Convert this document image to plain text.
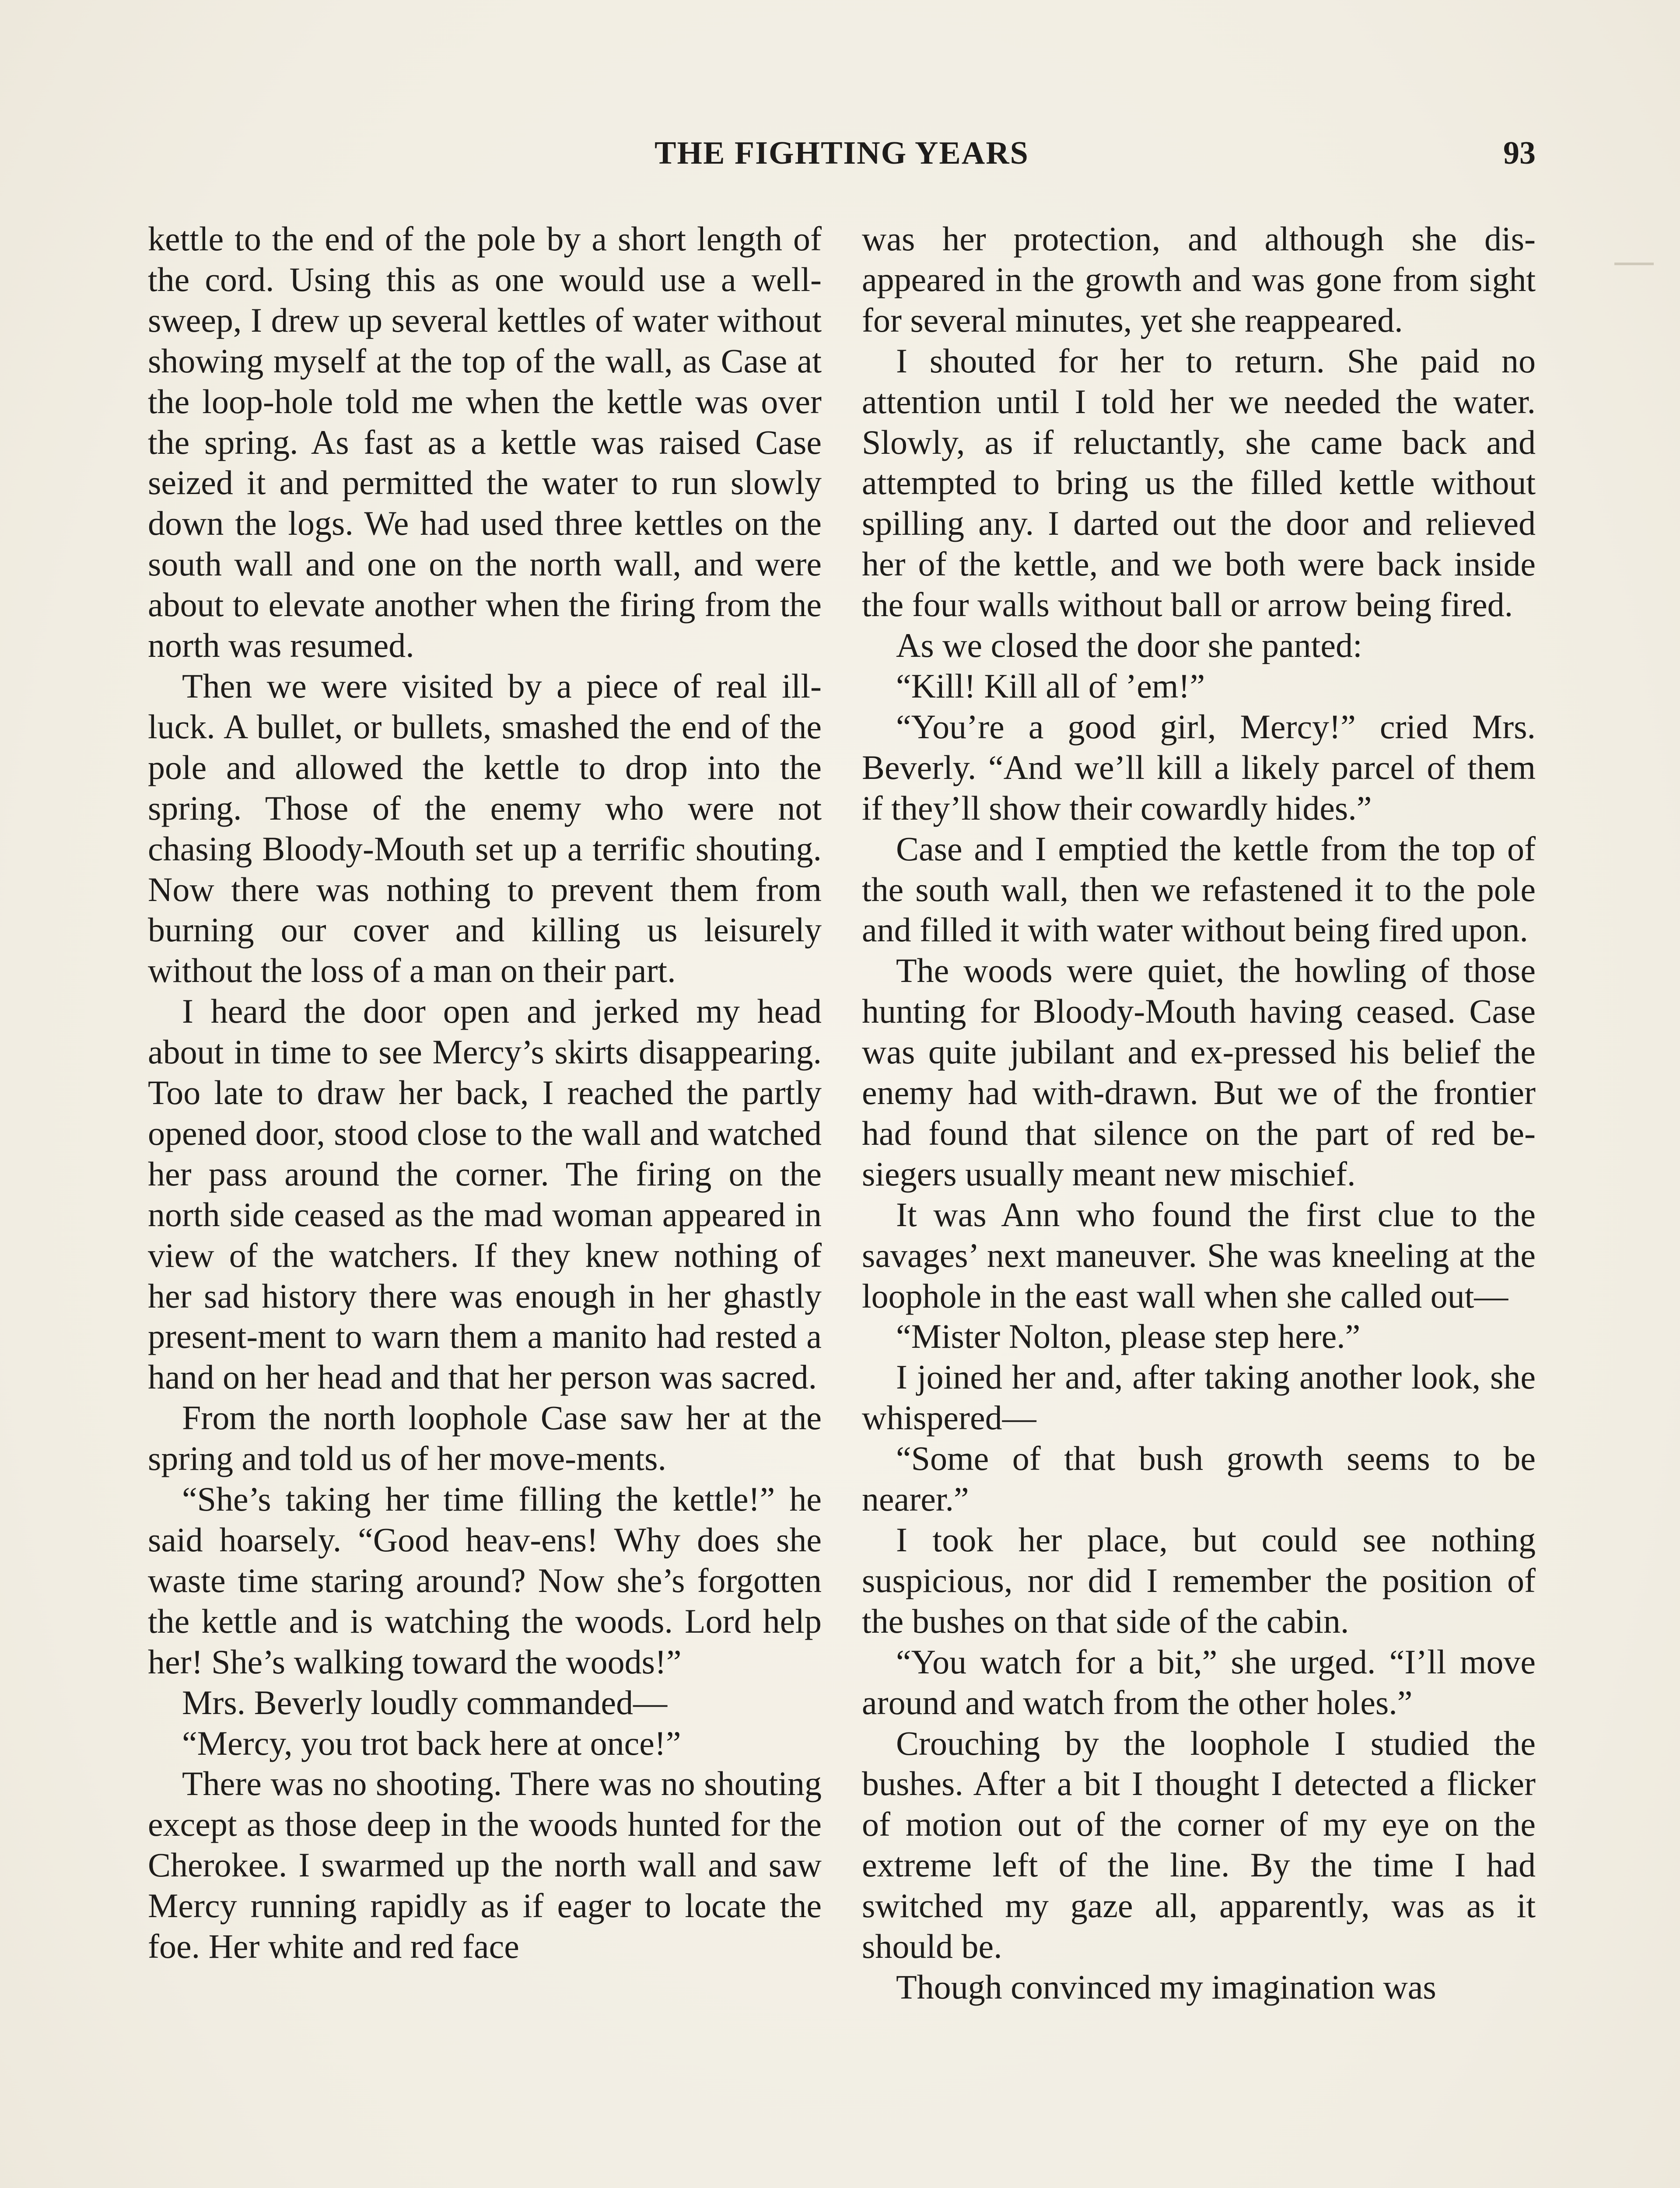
THE FIGHTING YEARS	93

kettle to the end of the pole by a short length of the cord. Using this as one would use a well-sweep, I drew up several kettles of water without showing myself at the top of the wall, as Case at the loop-hole told me when the kettle was over the spring. As fast as a kettle was raised Case seized it and permitted the water to run slowly down the logs. We had used three kettles on the south wall and one on the north wall, and were about to elevate another when the firing from the north was resumed.

Then we were visited by a piece of real ill-luck. A bullet, or bullets, smashed the end of the pole and allowed the kettle to drop into the spring. Those of the enemy who were not chasing Bloody-Mouth set up a terrific shouting. Now there was nothing to prevent them from burning our cover and killing us leisurely without the loss of a man on their part.

I heard the door open and jerked my head about in time to see Mercy’s skirts disappearing. Too late to draw her back, I reached the partly opened door, stood close to the wall and watched her pass around the corner. The firing on the north side ceased as the mad woman appeared in view of the watchers. If they knew nothing of her sad history there was enough in her ghastly present-ment to warn them a manito had rested a hand on her head and that her person was sacred.

From the north loophole Case saw her at the spring and told us of her move-ments.

“She’s taking her time filling the kettle!” he said hoarsely. “Good heav-ens! Why does she waste time staring around? Now she’s forgotten the kettle and is watching the woods. Lord help her! She’s walking toward the woods!”

Mrs. Beverly loudly commanded—

“Mercy, you trot back here at once!”

There was no shooting. There was no shouting except as those deep in the woods hunted for the Cherokee. I swarmed up the north wall and saw Mercy running rapidly as if eager to locate the foe. Her white and red face

was her protection, and although she dis-appeared in the growth and was gone from sight for several minutes, yet she reappeared.

I shouted for her to return. She paid no attention until I told her we needed the water. Slowly, as if reluctantly, she came back and attempted to bring us the filled kettle without spilling any. I darted out the door and relieved her of the kettle, and we both were back inside the four walls without ball or arrow being fired.

As we closed the door she panted:

“Kill! Kill all of ’em!”

“You’re a good girl, Mercy!” cried Mrs. Beverly. “And we’ll kill a likely parcel of them if they’ll show their cowardly hides.”

Case and I emptied the kettle from the top of the south wall, then we refastened it to the pole and filled it with water without being fired upon.

The woods were quiet, the howling of those hunting for Bloody-Mouth having ceased. Case was quite jubilant and ex-pressed his belief the enemy had with-drawn. But we of the frontier had found that silence on the part of red be-siegers usually meant new mischief.

It was Ann who found the first clue to the savages’ next maneuver. She was kneeling at the loophole in the east wall when she called out—

“Mister Nolton, please step here.”

I joined her and, after taking another look, she whispered—

“Some of that bush growth seems to be nearer.”

I took her place, but could see nothing suspicious, nor did I remember the position of the bushes on that side of the cabin.

“You watch for a bit,” she urged. “I’ll move around and watch from the other holes.”

Crouching by the loophole I studied the bushes. After a bit I thought I detected a flicker of motion out of the corner of my eye on the extreme left of the line. By the time I had switched my gaze all, apparently, was as it should be.

Though convinced my imagination was
